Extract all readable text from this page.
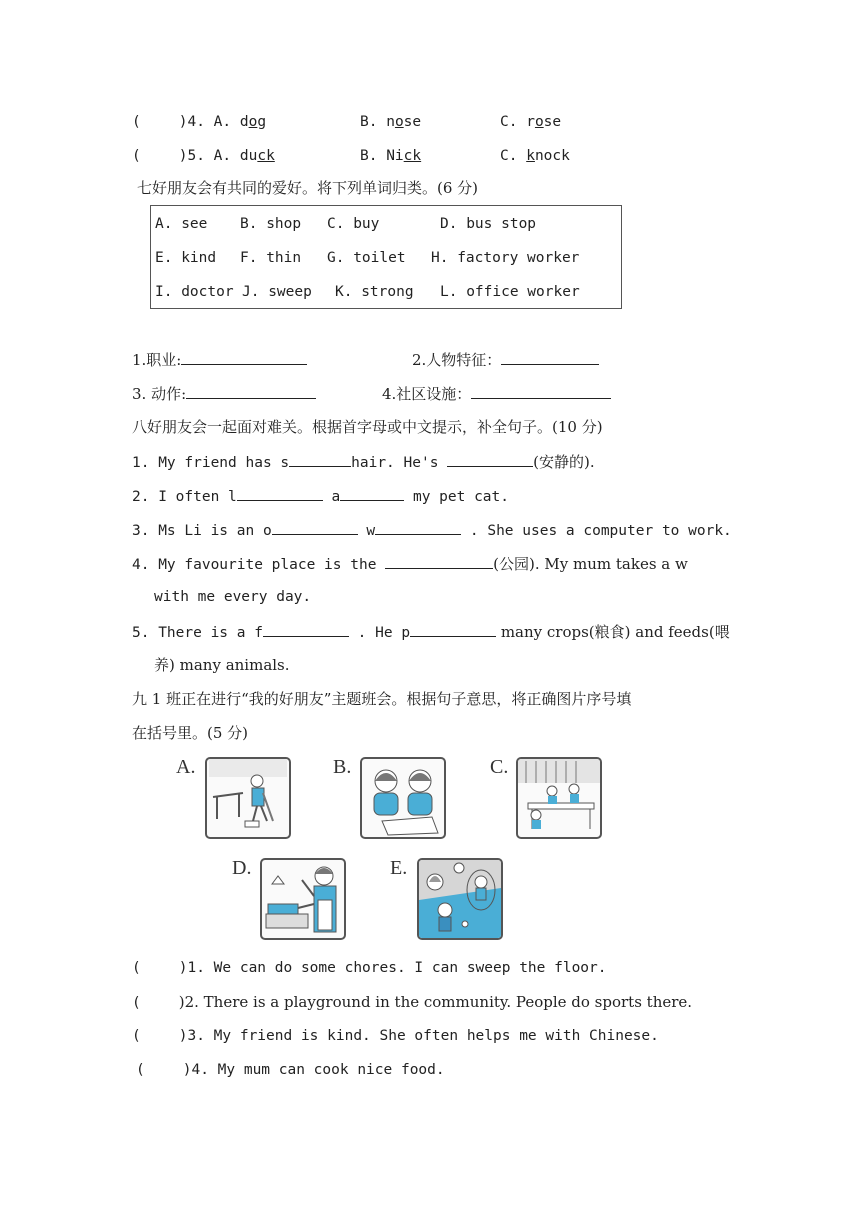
(	)4. A. dog	B. nose	C. rose
(	)5. A. duck	B. Nick	C. knock
七好朋友会有共同的爱好。将下列单词归类。(6 分)
A. see B. shop C. buy	D. bus stop
E. kind F. thin G. toilet H. factory worker
I. doctor J. sweep K. strong L. office worker
1.职业:	2.人物特征：
3. 动作:	4.社区设施：
八好朋友会一起面对难关。根据首字母或中文提示，补全句子。(10 分)
1. My friend has s	hair. He's	(安静的).
2. I often l	a	my pet cat.
3. Ms Li is an o	w	. She uses a computer to work.
4. My favourite place is the	(公园). My mum takes a w
with me every day.
5. There is a f	. He p	many crops(粮食) and feeds(喂
养) many animals.
九 1 班正在进行“我的好朋友”主题班会。根据句子意思，将正确图片序号填
在括号里。(5 分)
A.	B.	C.
D.	E.
(	)1. We can do some chores. I can sweep the floor.
(	)2. There is a playground in the community. People do sports there.
(	)3. My friend is kind. She often helps me with Chinese.
(	)4. My mum can cook nice food.
